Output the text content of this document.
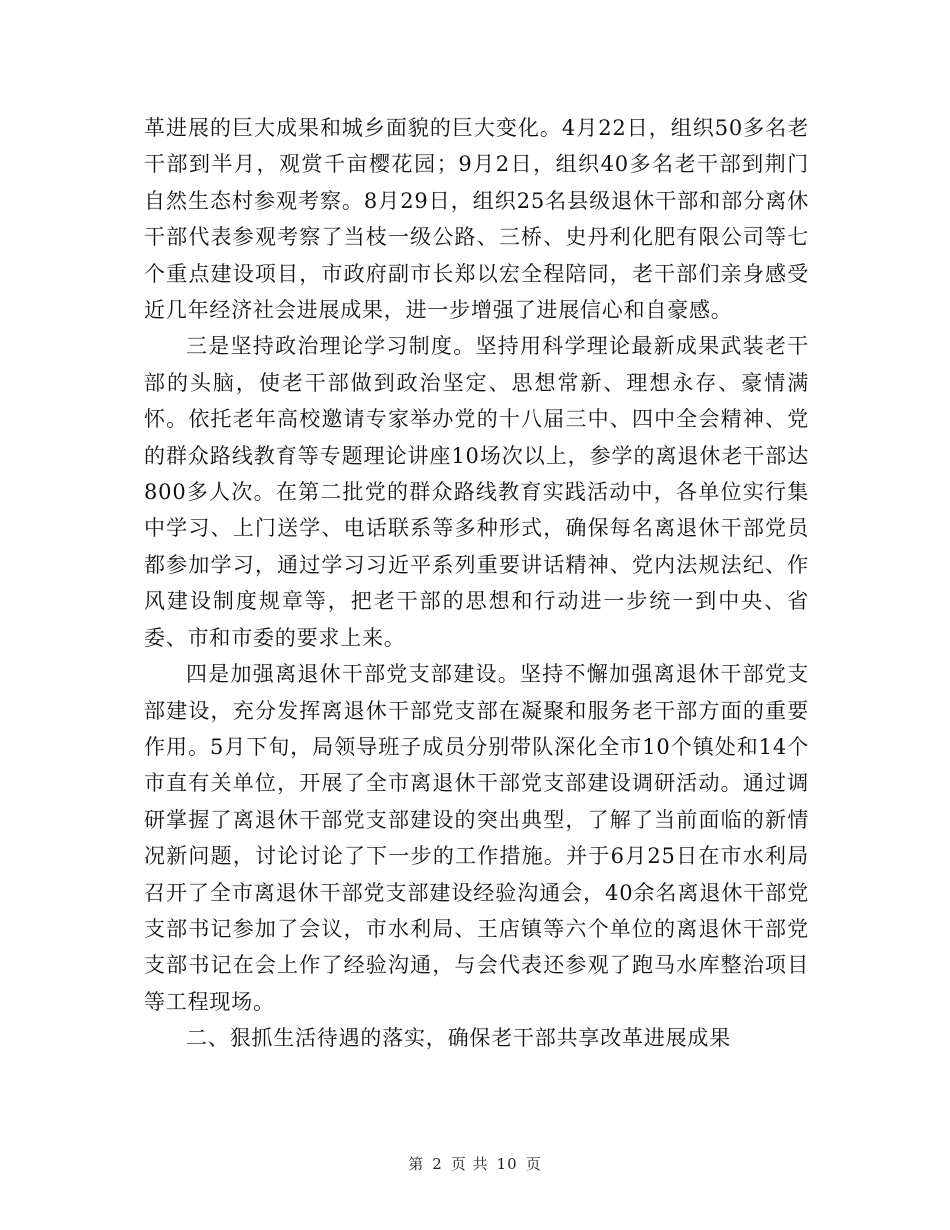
革进展的巨大成果和城乡面貌的巨大变化。4月22日，组织50多名老干部到半月，观赏千亩樱花园；9月2日，组织40多名老干部到荆门自然生态村参观考察。8月29日，组织25名县级退休干部和部分离休干部代表参观考察了当枝一级公路、三桥、史丹利化肥有限公司等七个重点建设项目，市政府副市长郑以宏全程陪同，老干部们亲身感受近几年经济社会进展成果，进一步增强了进展信心和自豪感。

三是坚持政治理论学习制度。坚持用科学理论最新成果武装老干部的头脑，使老干部做到政治坚定、思想常新、理想永存、豪情满怀。依托老年高校邀请专家举办党的十八届三中、四中全会精神、党的群众路线教育等专题理论讲座10场次以上，参学的离退休老干部达800多人次。在第二批党的群众路线教育实践活动中，各单位实行集中学习、上门送学、电话联系等多种形式，确保每名离退休干部党员都参加学习，通过学习习近平系列重要讲话精神、党内法规法纪、作风建设制度规章等，把老干部的思想和行动进一步统一到中央、省委、市和市委的要求上来。

四是加强离退休干部党支部建设。坚持不懈加强离退休干部党支部建设，充分发挥离退休干部党支部在凝聚和服务老干部方面的重要作用。5月下旬，局领导班子成员分别带队深化全市10个镇处和14个市直有关单位，开展了全市离退休干部党支部建设调研活动。通过调研掌握了离退休干部党支部建设的突出典型，了解了当前面临的新情况新问题，讨论讨论了下一步的工作措施。并于6月25日在市水利局召开了全市离退休干部党支部建设经验沟通会，40余名离退休干部党支部书记参加了会议，市水利局、王店镇等六个单位的离退休干部党支部书记在会上作了经验沟通，与会代表还参观了跑马水库整治项目等工程现场。

二、狠抓生活待遇的落实，确保老干部共享改革进展成果

第 2 页 共 10 页
